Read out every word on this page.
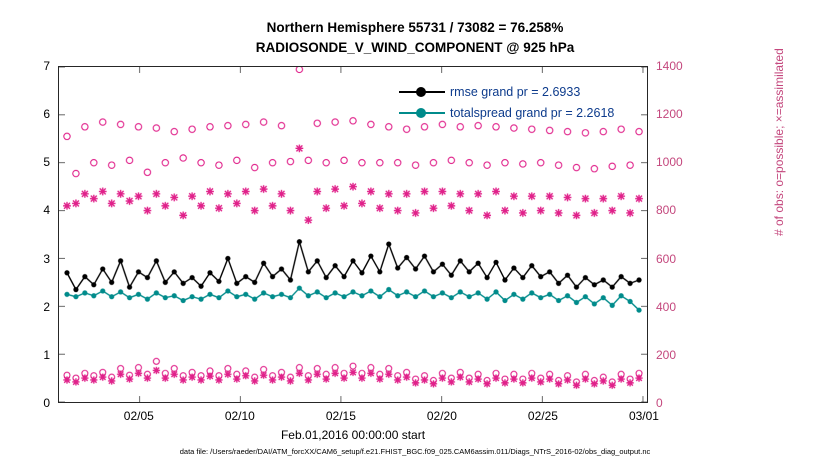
Northern Hemisphere 55731 / 73082 = 76.258%
RADIOSONDE_V_WIND_COMPONENT @ 925 hPa
# of obs: o=possible; ×=assimilated
Feb.01,2016 00:00:00 start
rmse grand pr = 2.6933
totalspread grand pr = 2.2618
data file: /Users/raeder/DAI/ATM_forcXX/CAM6_setup/f.e21.FHIST_BGC.f09_025.CAM6assim.011/Diags_NTrS_2016-02/obs_diag_output.nc
0
1
2
3
4
5
6
7
0
200
400
600
800
1000
1200
1400
02/05	02/10	02/15	02/20	02/25	03/01
